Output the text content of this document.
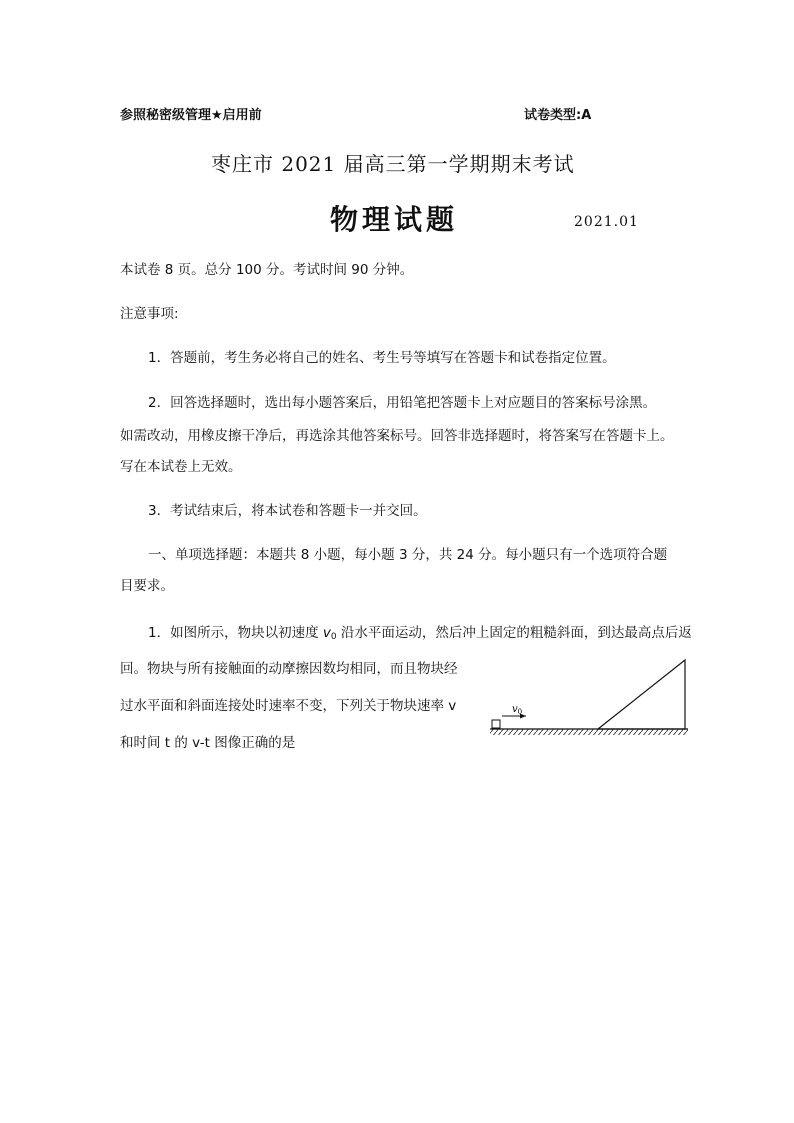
参照秘密级管理★启用前	试卷类型:A
枣庄市 2021 届高三第一学期期末考试
物理试题	2021.01
本试卷 8 页。总分 100 分。考试时间 90 分钟。
注意事项:
1．答题前，考生务必将自己的姓名、考生号等填写在答题卡和试卷指定位置。
2．回答选择题时，选出每小题答案后，用铅笔把答题卡上对应题目的答案标号涂黑。
如需改动，用橡皮擦干净后，再选涂其他答案标号。回答非选择题时，将答案写在答题卡上。
写在本试卷上无效。
3．考试结束后，将本试卷和答题卡一并交回。
一、单项选择题：本题共 8 小题，每小题 3 分，共 24 分。每小题只有一个选项符合题
目要求。
1．如图所示，物块以初速度 $v_0$ 沿水平面运动，然后冲上固定的粗糙斜面，到达最高点后返
回。物块与所有接触面的动摩擦因数均相同，而且物块经
过水平面和斜面连接处时速率不变，下列关于物块速率 v
和时间 t 的 v-t 图像正确的是
$v_0$
